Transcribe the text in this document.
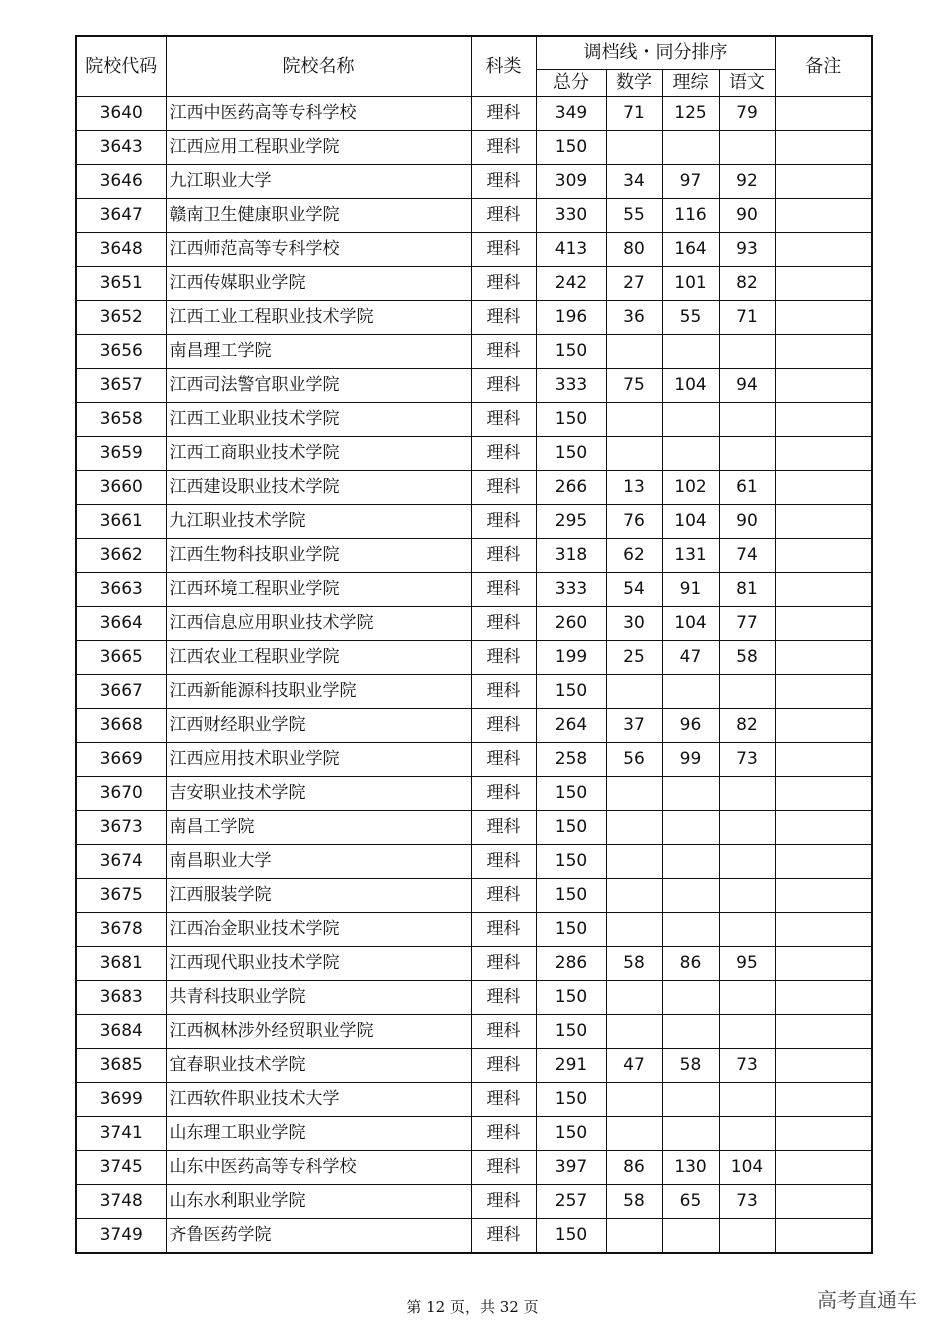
院校代码	院校名称	科类	调档线・同分排序				备注
			总分	数学	理综	语文	
3640	江西中医药高等专科学校	理科	349	71	125	79	
3643	江西应用工程职业学院	理科	150				
3646	九江职业大学	理科	309	34	97	92	
3647	赣南卫生健康职业学院	理科	330	55	116	90	
3648	江西师范高等专科学校	理科	413	80	164	93	
3651	江西传媒职业学院	理科	242	27	101	82	
3652	江西工业工程职业技术学院	理科	196	36	55	71	
3656	南昌理工学院	理科	150				
3657	江西司法警官职业学院	理科	333	75	104	94	
3658	江西工业职业技术学院	理科	150				
3659	江西工商职业技术学院	理科	150				
3660	江西建设职业技术学院	理科	266	13	102	61	
3661	九江职业技术学院	理科	295	76	104	90	
3662	江西生物科技职业学院	理科	318	62	131	74	
3663	江西环境工程职业学院	理科	333	54	91	81	
3664	江西信息应用职业技术学院	理科	260	30	104	77	
3665	江西农业工程职业学院	理科	199	25	47	58	
3667	江西新能源科技职业学院	理科	150				
3668	江西财经职业学院	理科	264	37	96	82	
3669	江西应用技术职业学院	理科	258	56	99	73	
3670	吉安职业技术学院	理科	150				
3673	南昌工学院	理科	150				
3674	南昌职业大学	理科	150				
3675	江西服装学院	理科	150				
3678	江西冶金职业技术学院	理科	150				
3681	江西现代职业技术学院	理科	286	58	86	95	
3683	共青科技职业学院	理科	150				
3684	江西枫林涉外经贸职业学院	理科	150				
3685	宜春职业技术学院	理科	291	47	58	73	
3699	江西软件职业技术大学	理科	150				
3741	山东理工职业学院	理科	150				
3745	山东中医药高等专科学校	理科	397	86	130	104	
3748	山东水利职业学院	理科	257	58	65	73	
3749	齐鲁医药学院	理科	150				
第 12 页，共 32 页	高考直通车
